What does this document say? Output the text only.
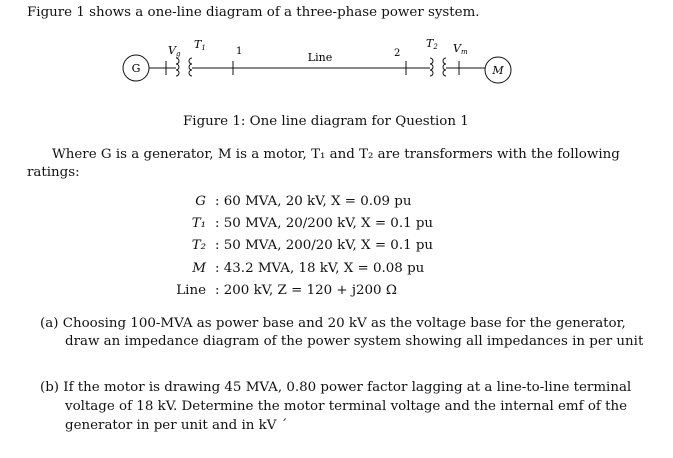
Figure 1 shows a one-line diagram of a three-phase power system.
G
Vg
T1	1	Line	2
T2 Vm
M
Figure 1: One line diagram for Question 1
Where G is a generator, M is a motor, T₁ and T₂ are transformers with the following
ratings:
G : 60 MVA, 20 kV, X = 0.09 pu
T₁ : 50 MVA, 20/200 kV, X = 0.1 pu
T₂ : 50 MVA, 200/20 kV, X = 0.1 pu
M : 43.2 MVA, 18 kV, X = 0.08 pu
Line : 200 kV, Z = 120 + j200 Ω
(a) Choosing 100-MVA as power base and 20 kV as the voltage base for the generator,
draw an impedance diagram of the power system showing all impedances in per unit
(b) If the motor is drawing 45 MVA, 0.80 power factor lagging at a line-to-line terminal
voltage of 18 kV. Determine the motor terminal voltage and the internal emf of the
generator in per unit and in kV ´
